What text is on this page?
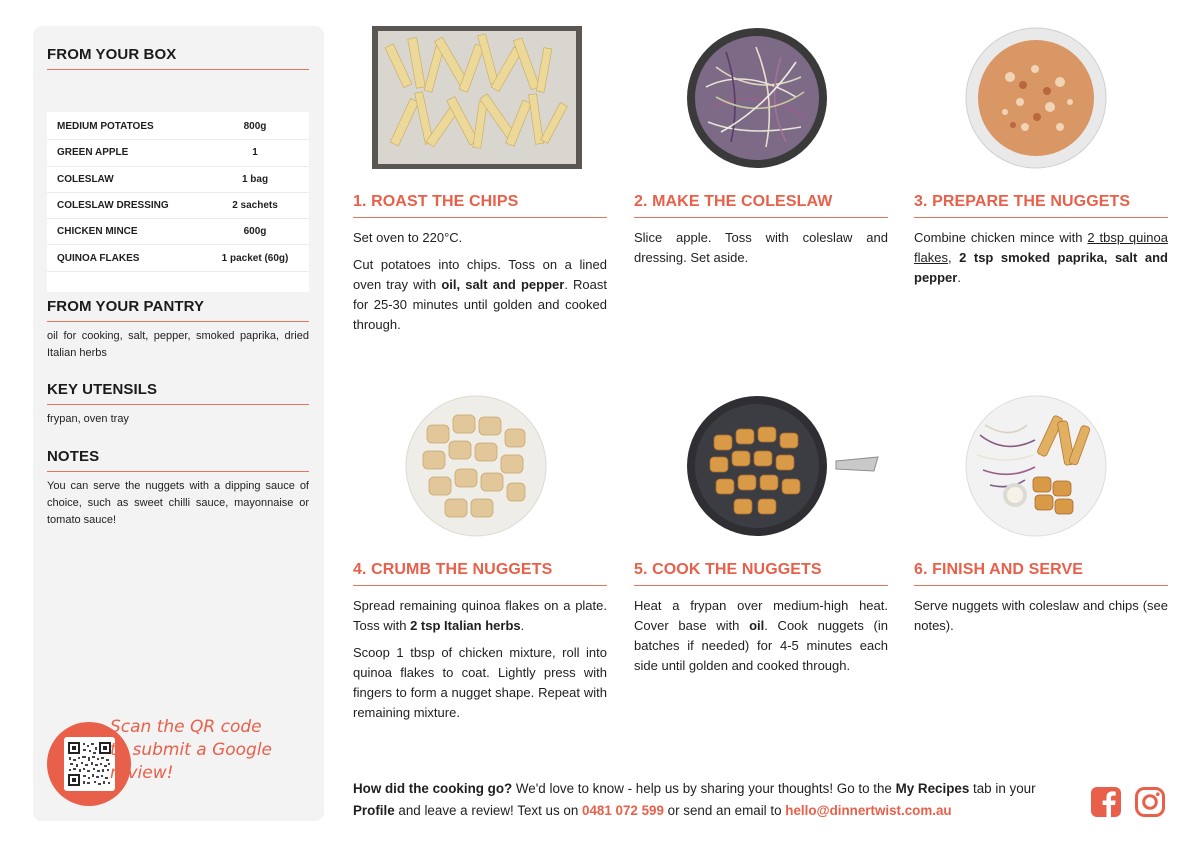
FROM YOUR BOX
MEDIUM POTATOES	800g
GREEN APPLE	1
COLESLAW	1 bag
COLESLAW DRESSING	2 sachets
CHICKEN MINCE	600g
QUINOA FLAKES	1 packet (60g)
FROM YOUR PANTRY
oil for cooking, salt, pepper, smoked paprika, dried Italian herbs
KEY UTENSILS
frypan, oven tray
NOTES
You can serve the nuggets with a dipping sauce of choice, such as sweet chilli sauce, mayonnaise or tomato sauce!
Scan the QR code to submit a Google review!
1. ROAST THE CHIPS

Set oven to 220°C.

Cut potatoes into chips. Toss on a lined oven tray with oil, salt and pepper. Roast for 25-30 minutes until golden and cooked through.

2. MAKE THE COLESLAW

Slice apple. Toss with coleslaw and dressing. Set aside.

3. PREPARE THE NUGGETS

Combine chicken mince with 2 tbsp quinoa flakes, 2 tsp smoked paprika, salt and pepper.

4. CRUMB THE NUGGETS

Spread remaining quinoa flakes on a plate. Toss with 2 tsp Italian herbs.

Scoop 1 tbsp of chicken mixture, roll into quinoa flakes to coat. Lightly press with fingers to form a nugget shape. Repeat with remaining mixture.

5. COOK THE NUGGETS

Heat a frypan over medium-high heat. Cover base with oil. Cook nuggets (in batches if needed) for 4-5 minutes each side until golden and cooked through.

6. FINISH AND SERVE

Serve nuggets with coleslaw and chips (see notes).

How did the cooking go? We'd love to know - help us by sharing your thoughts! Go to the My Recipes tab in your Profile and leave a review! Text us on 0481 072 599 or send an email to hello@dinnertwist.com.au
